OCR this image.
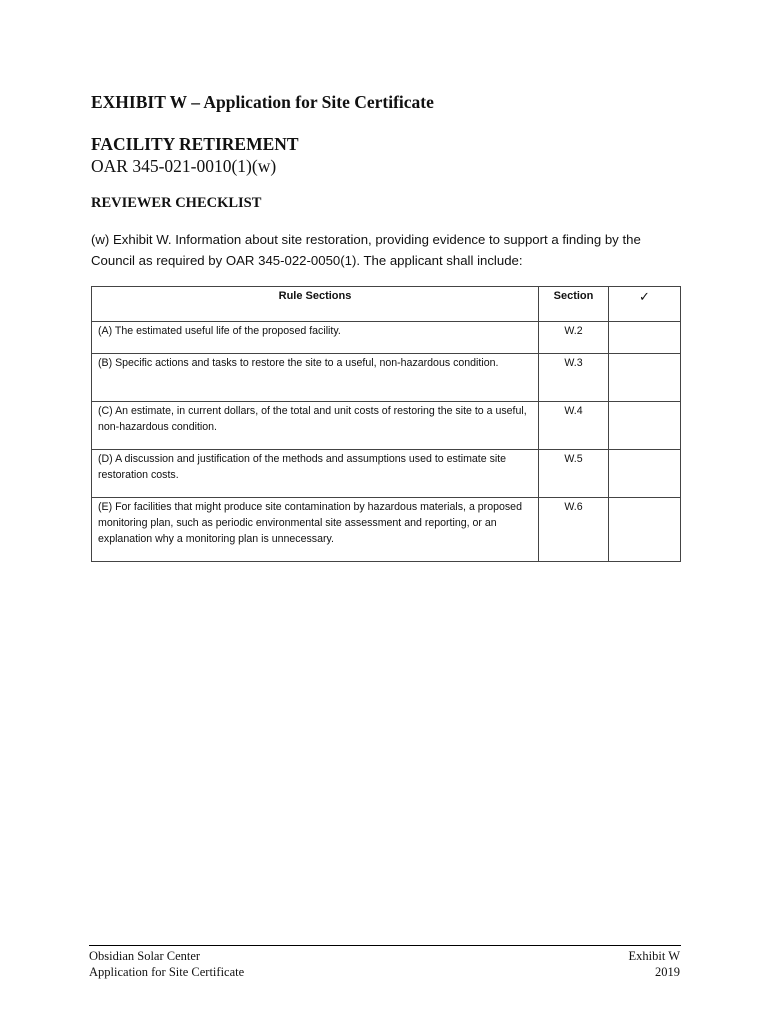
EXHIBIT W – Application for Site Certificate
FACILITY RETIREMENT
OAR 345-021-0010(1)(w)
REVIEWER CHECKLIST
(w) Exhibit W. Information about site restoration, providing evidence to support a finding by the Council as required by OAR 345-022-0050(1). The applicant shall include:
Rule Sections	Section	✓
(A) The estimated useful life of the proposed facility.	W.2	
(B) Specific actions and tasks to restore the site to a useful, non-hazardous condition.	W.3	
(C) An estimate, in current dollars, of the total and unit costs of restoring the site to a useful, non-hazardous condition.	W.4	
(D) A discussion and justification of the methods and assumptions used to estimate site restoration costs.	W.5	
(E) For facilities that might produce site contamination by hazardous materials, a proposed monitoring plan, such as periodic environmental site assessment and reporting, or an explanation why a monitoring plan is unnecessary.	W.6	
Obsidian Solar Center
Application for Site Certificate
Exhibit W
2019
